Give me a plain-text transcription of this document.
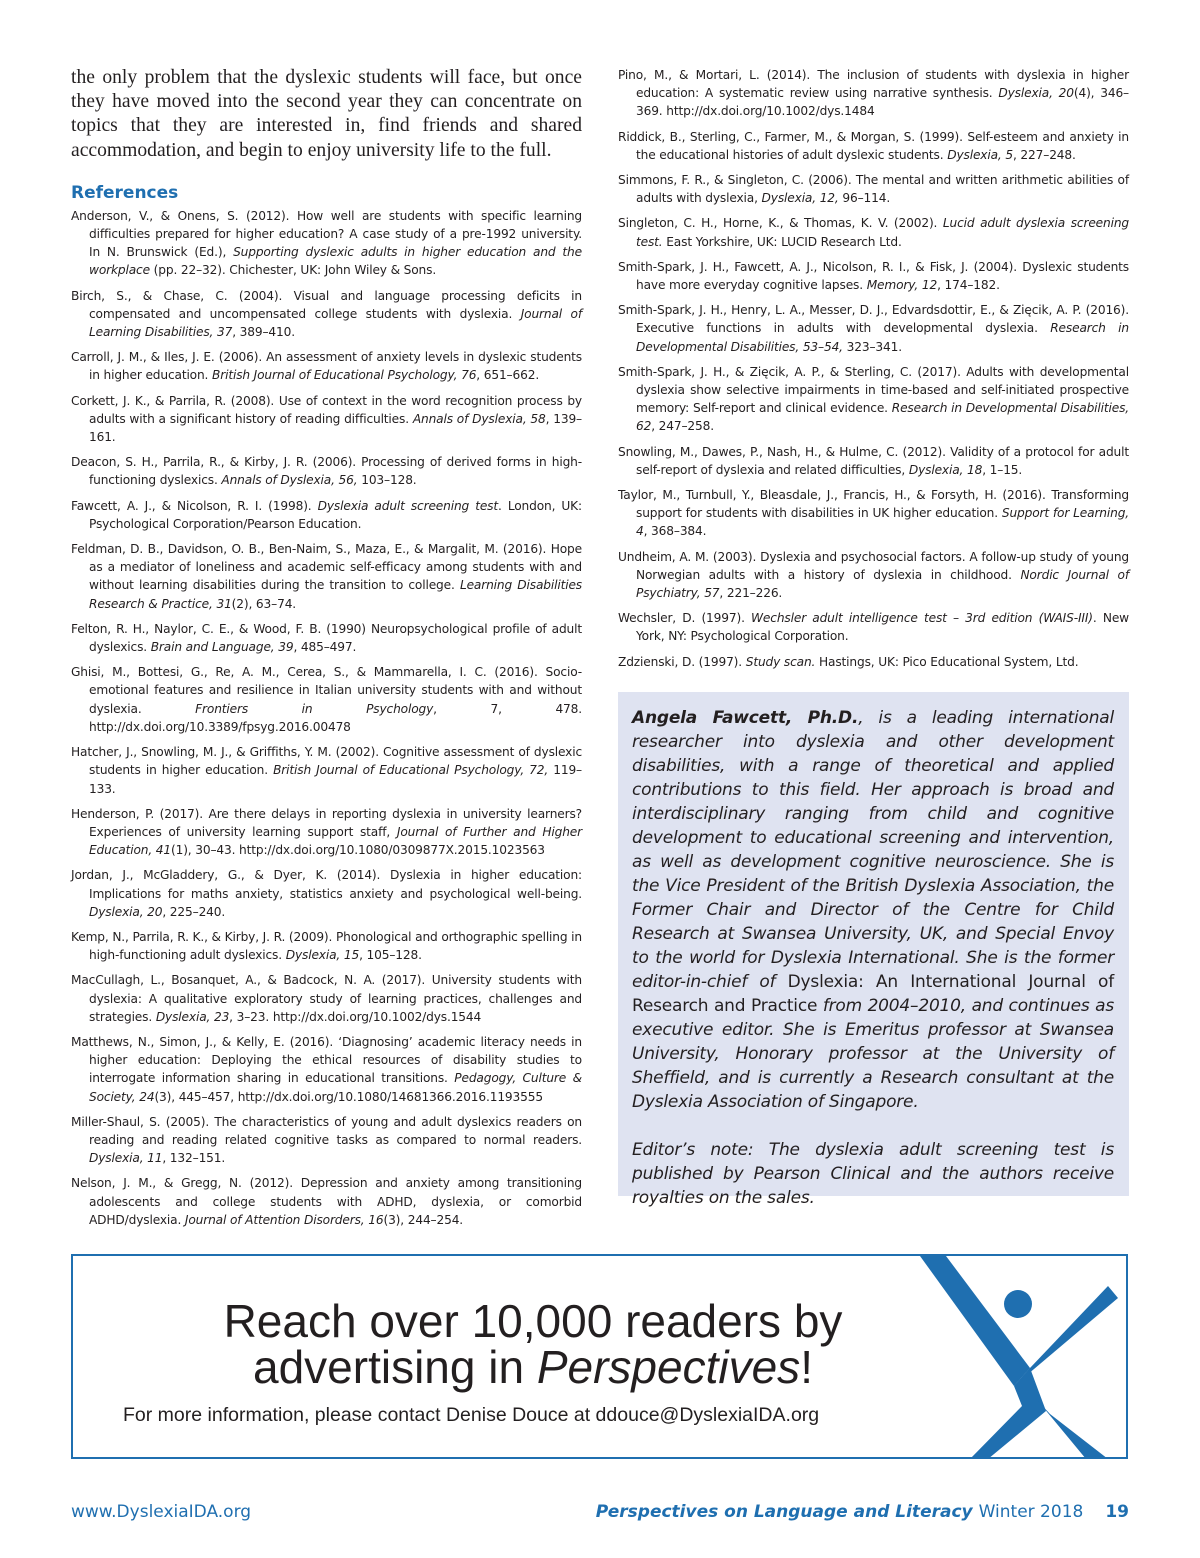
the only problem that the dyslexic students will face, but once they have moved into the second year they can concentrate on topics that they are interested in, find friends and shared accommodation, and begin to enjoy university life to the full.

References

Anderson, V., & Onens, S. (2012). How well are students with specific learning difficulties prepared for higher education? A case study of a pre-1992 university. In N. Brunswick (Ed.), Supporting dyslexic adults in higher education and the workplace (pp. 22–32). Chichester, UK: John Wiley & Sons.

Birch, S., & Chase, C. (2004). Visual and language processing deficits in compensated and uncompensated college students with dyslexia. Journal of Learning Disabilities, 37, 389–410.

Carroll, J. M., & Iles, J. E. (2006). An assessment of anxiety levels in dyslexic students in higher education. British Journal of Educational Psychology, 76, 651–662.

Corkett, J. K., & Parrila, R. (2008). Use of context in the word recognition process by adults with a significant history of reading difficulties. Annals of Dyslexia, 58, 139–161.

Deacon, S. H., Parrila, R., & Kirby, J. R. (2006). Processing of derived forms in high-functioning dyslexics. Annals of Dyslexia, 56, 103–128.

Fawcett, A. J., & Nicolson, R. I. (1998). Dyslexia adult screening test. London, UK: Psychological Corporation/Pearson Education.

Feldman, D. B., Davidson, O. B., Ben-Naim, S., Maza, E., & Margalit, M. (2016). Hope as a mediator of loneliness and academic self-efficacy among students with and without learning disabilities during the transition to college. Learning Disabilities Research & Practice, 31(2), 63–74.

Felton, R. H., Naylor, C. E., & Wood, F. B. (1990) Neuropsychological profile of adult dyslexics. Brain and Language, 39, 485–497.

Ghisi, M., Bottesi, G., Re, A. M., Cerea, S., & Mammarella, I. C. (2016). Socio-emotional features and resilience in Italian university students with and without dyslexia. Frontiers in Psychology, 7, 478. http://dx.doi.org/10.3389/fpsyg.2016.00478

Hatcher, J., Snowling, M. J., & Griffiths, Y. M. (2002). Cognitive assessment of dyslexic students in higher education. British Journal of Educational Psychology, 72, 119–133.

Henderson, P. (2017). Are there delays in reporting dyslexia in university learners? Experiences of university learning support staff, Journal of Further and Higher Education, 41(1), 30–43. http://dx.doi.org/10.1080/0309877X.2015.1023563

Jordan, J., McGladdery, G., & Dyer, K. (2014). Dyslexia in higher education: Implications for maths anxiety, statistics anxiety and psychological well-being. Dyslexia, 20, 225–240.

Kemp, N., Parrila, R. K., & Kirby, J. R. (2009). Phonological and orthographic spelling in high-functioning adult dyslexics. Dyslexia, 15, 105–128.

MacCullagh, L., Bosanquet, A., & Badcock, N. A. (2017). University students with dyslexia: A qualitative exploratory study of learning practices, challenges and strategies. Dyslexia, 23, 3–23. http://dx.doi.org/10.1002/dys.1544

Matthews, N., Simon, J., & Kelly, E. (2016). ‘Diagnosing’ academic literacy needs in higher education: Deploying the ethical resources of disability studies to interrogate information sharing in educational transitions. Pedagogy, Culture & Society, 24(3), 445–457, http://dx.doi.org/10.1080/14681366.2016.1193555

Miller-Shaul, S. (2005). The characteristics of young and adult dyslexics readers on reading and reading related cognitive tasks as compared to normal readers. Dyslexia, 11, 132–151.

Nelson, J. M., & Gregg, N. (2012). Depression and anxiety among transitioning adolescents and college students with ADHD, dyslexia, or comorbid ADHD/dyslexia. Journal of Attention Disorders, 16(3), 244–254.

Pino, M., & Mortari, L. (2014). The inclusion of students with dyslexia in higher education: A systematic review using narrative synthesis. Dyslexia, 20(4), 346–369. http://dx.doi.org/10.1002/dys.1484

Riddick, B., Sterling, C., Farmer, M., & Morgan, S. (1999). Self-esteem and anxiety in the educational histories of adult dyslexic students. Dyslexia, 5, 227–248.

Simmons, F. R., & Singleton, C. (2006). The mental and written arithmetic abilities of adults with dyslexia, Dyslexia, 12, 96–114.

Singleton, C. H., Horne, K., & Thomas, K. V. (2002). Lucid adult dyslexia screening test. East Yorkshire, UK: LUCID Research Ltd.

Smith-Spark, J. H., Fawcett, A. J., Nicolson, R. I., & Fisk, J. (2004). Dyslexic students have more everyday cognitive lapses. Memory, 12, 174–182.

Smith-Spark, J. H., Henry, L. A., Messer, D. J., Edvardsdottir, E., & Zięcik, A. P. (2016). Executive functions in adults with developmental dyslexia. Research in Developmental Disabilities, 53–54, 323–341.

Smith-Spark, J. H., & Zięcik, A. P., & Sterling, C. (2017). Adults with developmental dyslexia show selective impairments in time-based and self-initiated prospective memory: Self-report and clinical evidence. Research in Developmental Disabilities, 62, 247–258.

Snowling, M., Dawes, P., Nash, H., & Hulme, C. (2012). Validity of a protocol for adult self-report of dyslexia and related difficulties, Dyslexia, 18, 1–15.

Taylor, M., Turnbull, Y., Bleasdale, J., Francis, H., & Forsyth, H. (2016). Transforming support for students with disabilities in UK higher education. Support for Learning, 4, 368–384.

Undheim, A. M. (2003). Dyslexia and psychosocial factors. A follow-up study of young Norwegian adults with a history of dyslexia in childhood. Nordic Journal of Psychiatry, 57, 221–226.

Wechsler, D. (1997). Wechsler adult intelligence test – 3rd edition (WAIS-III). New York, NY: Psychological Corporation.

Zdzienski, D. (1997). Study scan. Hastings, UK: Pico Educational System, Ltd.

Angela Fawcett, Ph.D., is a leading international researcher into dyslexia and other development disabilities, with a range of theoretical and applied contributions to this field. Her approach is broad and interdisciplinary ranging from child and cognitive development to educational screening and intervention, as well as development cognitive neuroscience. She is the Vice President of the British Dyslexia Association, the Former Chair and Director of the Centre for Child Research at Swansea University, UK, and Special Envoy to the world for Dyslexia International. She is the former editor-in-chief of Dyslexia: An International Journal of Research and Practice from 2004–2010, and continues as executive editor. She is Emeritus professor at Swansea University, Honorary professor at the University of Sheffield, and is currently a Research consultant at the Dyslexia Association of Singapore.

Editor’s note: The dyslexia adult screening test is published by Pearson Clinical and the authors receive royalties on the sales.

Reach over 10,000 readers by
advertising in Perspectives!
For more information, please contact Denise Douce at ddouce@DyslexiaIDA.org
www.DyslexiaIDA.org	Perspectives on Language and Literacy Winter 2018 19
